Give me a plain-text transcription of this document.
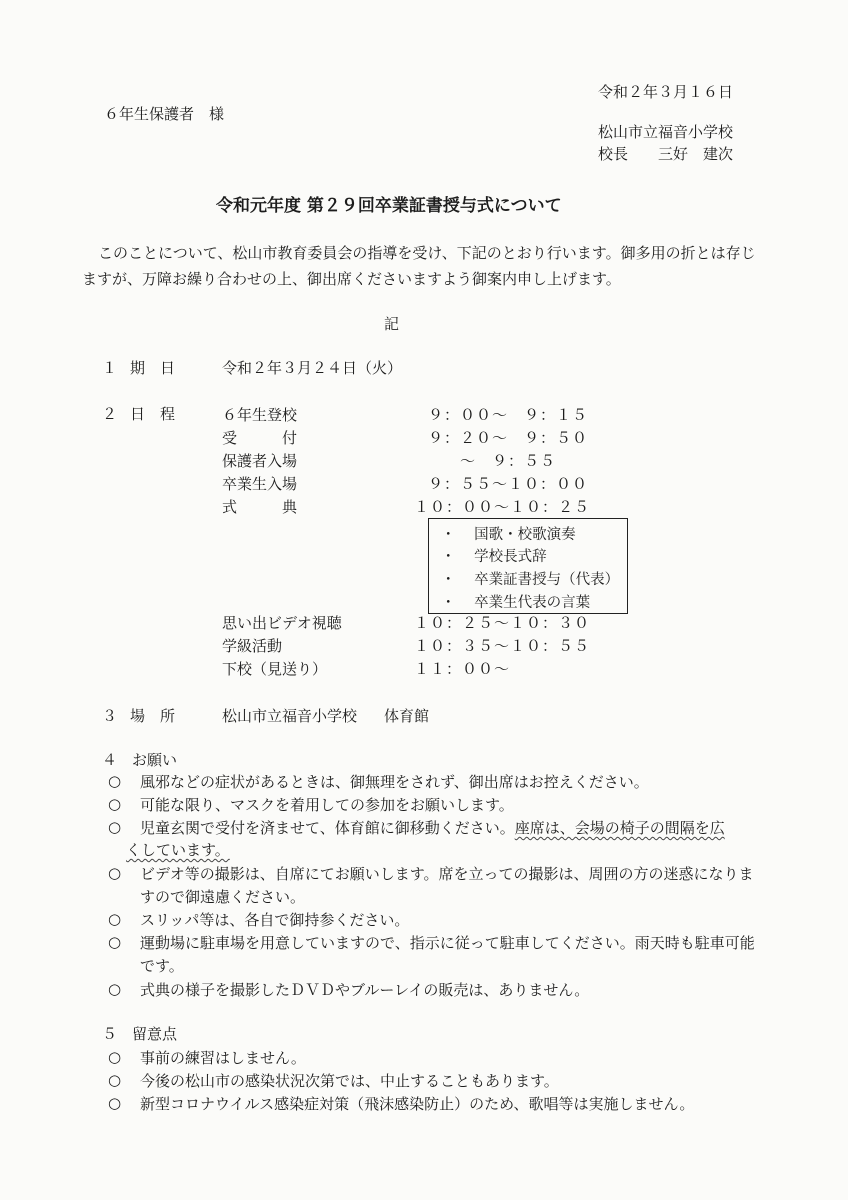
令和２年３月１６日
６年生保護者　様
松山市立福音小学校
校長　　三好　建次
令和元年度 第２９回卒業証書授与式について
このことについて、松山市教育委員会の指導を受け、下記のとおり行います。御多用の折とは存じますが、万障お繰り合わせの上、御出席くださいますよう御案内申し上げます。
記
１ 期　日	令和２年３月２４日（火）
２ 日　程	６年生登校	９：００～　９：１５
受　　　付	９：２０～　９：５０
保護者入場	　　～　９：５５
卒業生入場	９：５５～１０：００
式　　　典	１０：００～１０：２５
・ 国歌・校歌演奏
・ 学校長式辞
・ 卒業証書授与（代表）
・ 卒業生代表の言葉
思い出ビデオ視聴	１０：２５～１０：３０
学級活動	１０：３５～１０：５５
下校（見送り）	１１：００～
３ 場　所	松山市立福音小学校 体育館
４　お願い
○ 風邪などの症状があるときは、御無理をされず、御出席はお控えください。
○ 可能な限り、マスクを着用しての参加をお願いします。
○ 児童玄関で受付を済ませて、体育館に御移動ください。座席は、会場の椅子の間隔を広
くしています。
○ ビデオ等の撮影は、自席にてお願いします。席を立っての撮影は、周囲の方の迷惑になりますので御遠慮ください。
○ スリッパ等は、各自で御持参ください。
○ 運動場に駐車場を用意していますので、指示に従って駐車してください。雨天時も駐車可能です。
○ 式典の様子を撮影したＤＶＤやブルーレイの販売は、ありません。
５　留意点
○ 事前の練習はしません。
○ 今後の松山市の感染状況次第では、中止することもあります。
○ 新型コロナウイルス感染症対策（飛沫感染防止）のため、歌唱等は実施しません。
